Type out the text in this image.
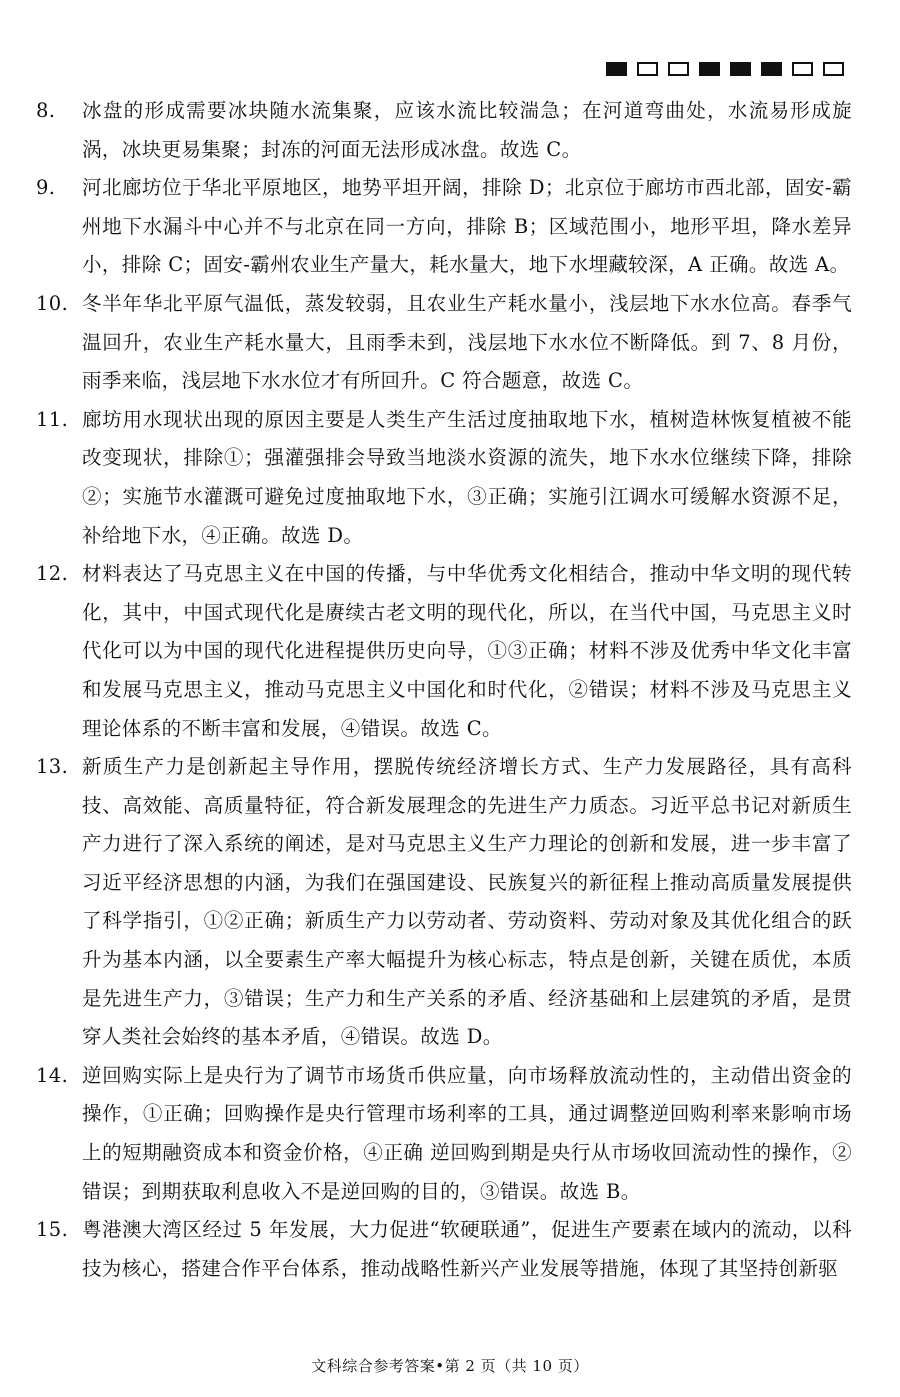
8.	冰盘的形成需要冰块随水流集聚，应该水流比较湍急；在河道弯曲处，水流易形成旋涡，冰块更易集聚；封冻的河面无法形成冰盘。故选 C。
9.	河北廊坊位于华北平原地区，地势平坦开阔，排除 D；北京位于廊坊市西北部，固安-霸州地下水漏斗中心并不与北京在同一方向，排除 B；区域范围小，地形平坦，降水差异小，排除 C；固安-霸州农业生产量大，耗水量大，地下水埋藏较深，A 正确。故选 A。
10. 冬半年华北平原气温低，蒸发较弱，且农业生产耗水量小，浅层地下水水位高。春季气温回升，农业生产耗水量大，且雨季未到，浅层地下水水位不断降低。到 7、8 月份，雨季来临，浅层地下水水位才有所回升。C 符合题意，故选 C。
11. 廊坊用水现状出现的原因主要是人类生产生活过度抽取地下水，植树造林恢复植被不能改变现状，排除①；强灌强排会导致当地淡水资源的流失，地下水水位继续下降，排除②；实施节水灌溉可避免过度抽取地下水，③正确；实施引江调水可缓解水资源不足，补给地下水，④正确。故选 D。
12. 材料表达了马克思主义在中国的传播，与中华优秀文化相结合，推动中华文明的现代转化，其中，中国式现代化是赓续古老文明的现代化，所以，在当代中国，马克思主义时代化可以为中国的现代化进程提供历史向导，①③正确；材料不涉及优秀中华文化丰富和发展马克思主义，推动马克思主义中国化和时代化，②错误；材料不涉及马克思主义理论体系的不断丰富和发展，④错误。故选 C。
13. 新质生产力是创新起主导作用，摆脱传统经济增长方式、生产力发展路径，具有高科技、高效能、高质量特征，符合新发展理念的先进生产力质态。习近平总书记对新质生产力进行了深入系统的阐述，是对马克思主义生产力理论的创新和发展，进一步丰富了习近平经济思想的内涵，为我们在强国建设、民族复兴的新征程上推动高质量发展提供了科学指引，①②正确；新质生产力以劳动者、劳动资料、劳动对象及其优化组合的跃升为基本内涵，以全要素生产率大幅提升为核心标志，特点是创新，关键在质优，本质是先进生产力，③错误；生产力和生产关系的矛盾、经济基础和上层建筑的矛盾，是贯穿人类社会始终的基本矛盾，④错误。故选 D。
14. 逆回购实际上是央行为了调节市场货币供应量，向市场释放流动性的，主动借出资金的操作，①正确；回购操作是央行管理市场利率的工具，通过调整逆回购利率来影响市场上的短期融资成本和资金价格，④正确 逆回购到期是央行从市场收回流动性的操作，②错误；到期获取利息收入不是逆回购的目的，③错误。故选 B。
15. 粤港澳大湾区经过 5 年发展，大力促进“软硬联通”，促进生产要素在域内的流动，以科技为核心，搭建合作平台体系，推动战略性新兴产业发展等措施，体现了其坚持创新驱
文科综合参考答案•第 2 页（共 10 页）
